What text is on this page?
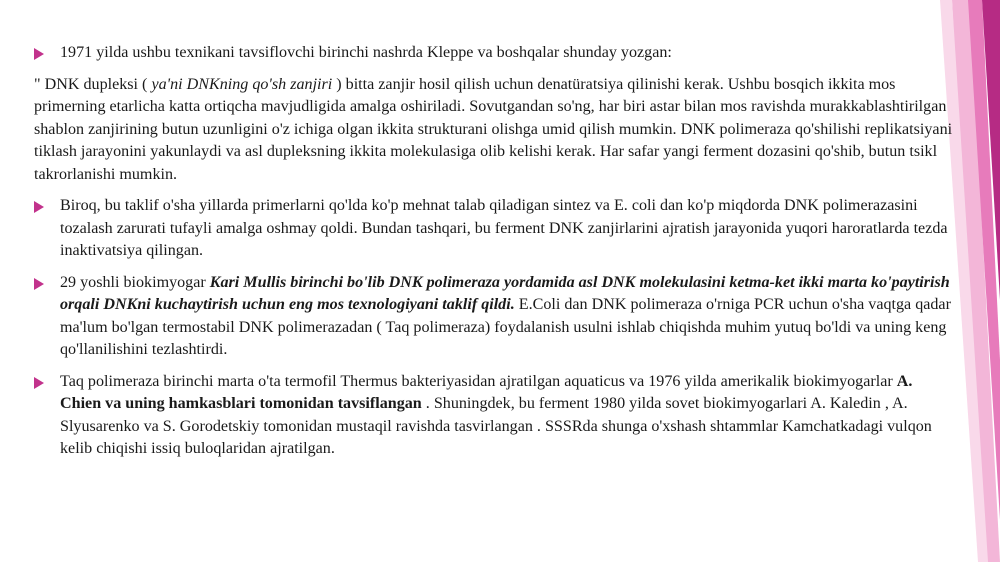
1971 yilda ushbu texnikani tavsiflovchi birinchi nashrda Kleppe va boshqalar shunday yozgan:

" DNK dupleksi ( ya'ni DNKning qo'sh zanjiri ) bitta zanjir hosil qilish uchun denatüratsiya qilinishi kerak. Ushbu bosqich ikkita mos primerning etarlicha katta ortiqcha mavjudligida amalga oshiriladi. Sovutgandan so'ng, har biri astar bilan mos ravishda murakkablashtirilgan shablon zanjirining butun uzunligini o'z ichiga olgan ikkita strukturani olishga umid qilish mumkin. DNK polimeraza qo'shilishi replikatsiyani tiklash jarayonini yakunlaydi va asl dupleksning ikkita molekulasiga olib kelishi kerak. Har safar yangi ferment dozasini qo'shib, butun tsikl takrorlanishi mumkin.

Biroq, bu taklif o'sha yillarda primerlarni qo'lda ko'p mehnat talab qiladigan sintez va E. coli dan ko'p miqdorda DNK polimerazasini tozalash zarurati tufayli amalga oshmay qoldi. Bundan tashqari, bu ferment DNK zanjirlarini ajratish jarayonida yuqori haroratlarda tezda inaktivatsiya qilingan.

29 yoshli biokimyogar Kari Mullis birinchi bo'lib DNK polimeraza yordamida asl DNK molekulasini ketma-ket ikki marta ko'paytirish orqali DNKni kuchaytirish uchun eng mos texnologiyani taklif qildi. E.Coli dan DNK polimeraza o'rniga PCR uchun o'sha vaqtga qadar ma'lum bo'lgan termostabil DNK polimerazadan ( Taq polimeraza) foydalanish usulni ishlab chiqishda muhim yutuq bo'ldi va uning keng qo'llanilishini tezlashtirdi.

Taq polimeraza birinchi marta o'ta termofil Thermus bakteriyasidan ajratilgan aquaticus va 1976 yilda amerikalik biokimyogarlar A. Chien va uning hamkasblari tomonidan tavsiflangan . Shuningdek, bu ferment 1980 yilda sovet biokimyogarlari A. Kaledin , A. Slyusarenko va S. Gorodetskiy tomonidan mustaqil ravishda tasvirlangan . SSSRda shunga o'xshash shtammlar Kamchatkadagi vulqon kelib chiqishi issiq buloqlaridan ajratilgan.
